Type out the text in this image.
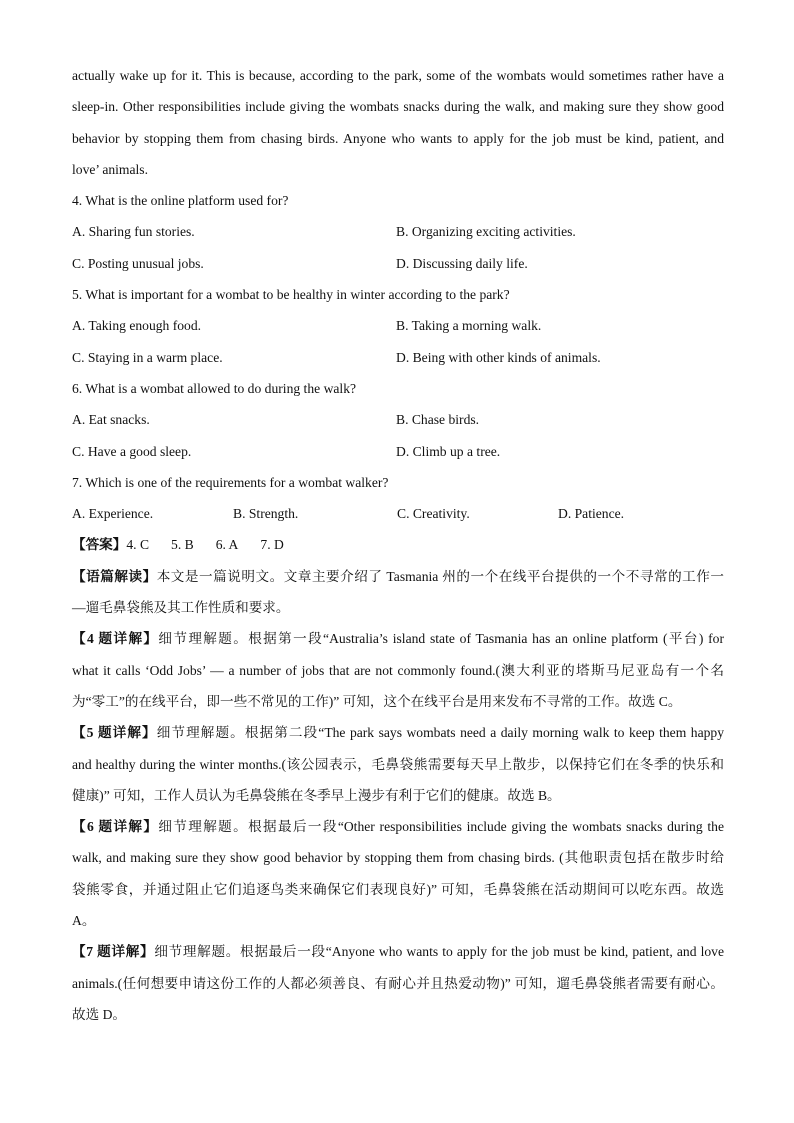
actually wake up for it. This is because, according to the park, some of the wombats would sometimes rather have a
sleep-in. Other responsibilities include giving the wombats snacks during the walk, and making sure they show good
behavior by stopping them from chasing birds. Anyone who wants to apply for the job must be kind, patient, and
love’ animals.
4. What is the online platform used for?
A. Sharing fun stories.	B. Organizing exciting activities.
C. Posting unusual jobs.	D. Discussing daily life.
5. What is important for a wombat to be healthy in winter according to the park?
A. Taking enough food.	B. Taking a morning walk.
C. Staying in a warm place.	D. Being with other kinds of animals.
6. What is a wombat allowed to do during the walk?
A. Eat snacks.	B. Chase birds.
C. Have a good sleep.	D. Climb up a tree.
7. Which is one of the requirements for a wombat walker?
A. Experience.	B. Strength.	C. Creativity.	D. Patience.
【答案】4. C 5. B 6. A 7. D
【语篇解读】本文是一篇说明文。文章主要介绍了 Tasmania 州的一个在线平台提供的一个不寻常的工作一
—遛毛鼻袋熊及其工作性质和要求。
【4 题详解】细节理解题。根据第一段“Australia’s island state of Tasmania has an online platform (平台) for
what it calls ‘Odd Jobs’ — a number of jobs that are not commonly found.(澳大利亚的塔斯马尼亚岛有一个名
为“零工”的在线平台，即一些不常见的工作)” 可知，这个在线平台是用来发布不寻常的工作。故选 C。
【5 题详解】细节理解题。根据第二段“The park says wombats need a daily morning walk to keep them happy
and healthy during the winter months.(该公园表示，毛鼻袋熊需要每天早上散步，以保持它们在冬季的快乐和
健康)” 可知，工作人员认为毛鼻袋熊在冬季早上漫步有利于它们的健康。故选 B。
【6 题详解】细节理解题。根据最后一段“Other responsibilities include giving the wombats snacks during the
walk, and making sure they show good behavior by stopping them from chasing birds. (其他职责包括在散步时给
袋熊零食，并通过阻止它们追逐鸟类来确保它们表现良好)” 可知，毛鼻袋熊在活动期间可以吃东西。故选
A。
【7 题详解】细节理解题。根据最后一段“Anyone who wants to apply for the job must be kind, patient, and love
animals.(任何想要申请这份工作的人都必须善良、有耐心并且热爱动物)” 可知，遛毛鼻袋熊者需要有耐心。
故选 D。
